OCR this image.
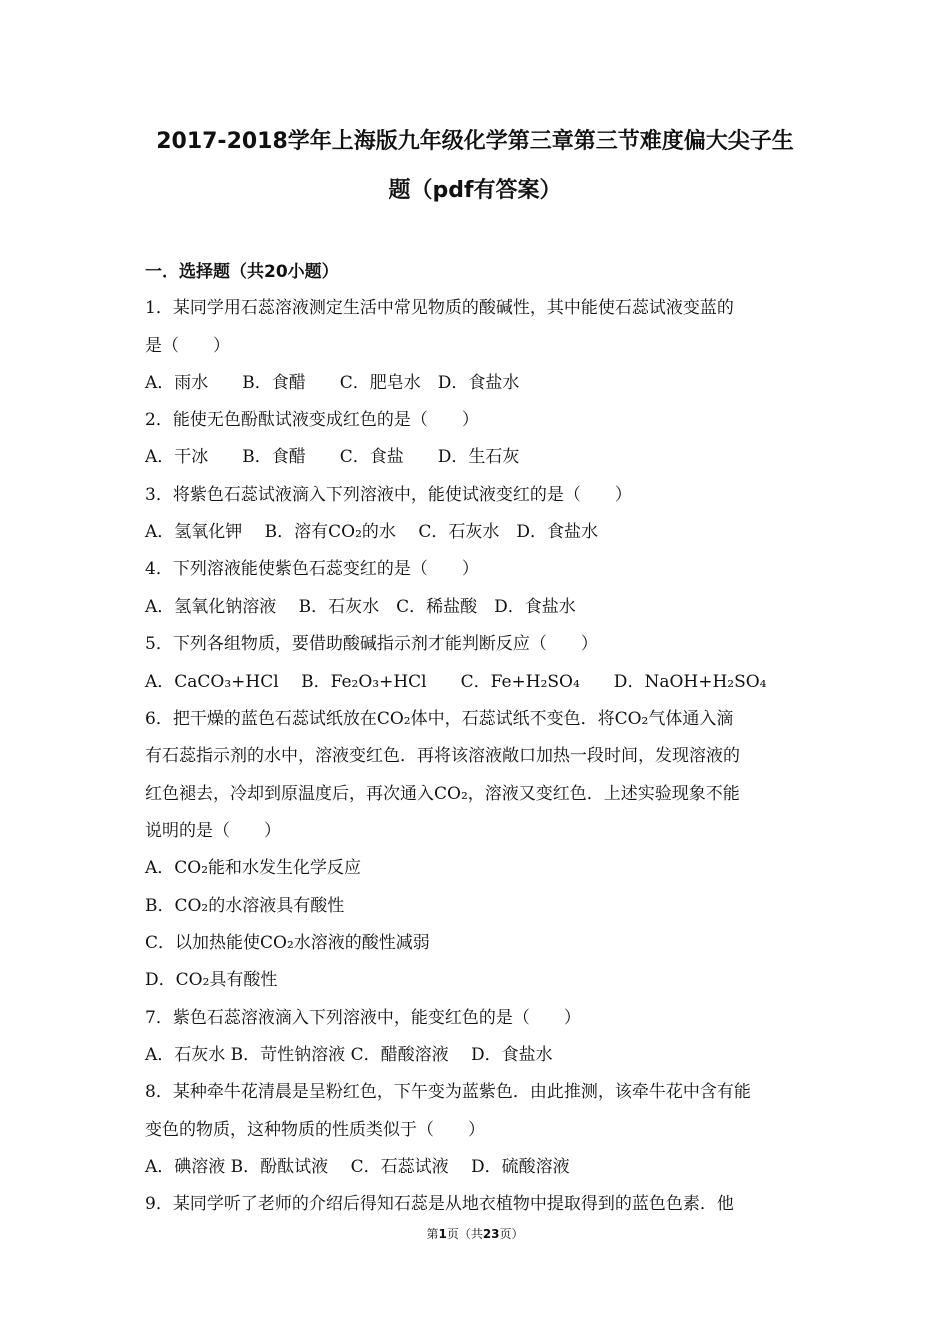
2017-2018学年上海版九年级化学第三章第三节难度偏大尖子生
题（pdf有答案）
一．选择题（共20小题）
1．某同学用石蕊溶液测定生活中常见物质的酸碱性，其中能使石蕊试液变蓝的
是（　　）
A．雨水　　B．食醋　　C．肥皂水　D．食盐水
2．能使无色酚酞试液变成红色的是（　　）
A．干冰　　B．食醋　　C．食盐　　D．生石灰
3．将紫色石蕊试液滴入下列溶液中，能使试液变红的是（　　）
A．氢氧化钾　 B．溶有CO₂的水　 C．石灰水　D．食盐水
4．下列溶液能使紫色石蕊变红的是（　　）
A．氢氧化钠溶液　 B．石灰水　C．稀盐酸　D．食盐水
5．下列各组物质，要借助酸碱指示剂才能判断反应（　　）
A．CaCO₃+HCl　 B．Fe₂O₃+HCl　　C．Fe+H₂SO₄　　D．NaOH+H₂SO₄
6．把干燥的蓝色石蕊试纸放在CO₂体中，石蕊试纸不变色．将CO₂气体通入滴
有石蕊指示剂的水中，溶液变红色．再将该溶液敞口加热一段时间，发现溶液的
红色褪去，冷却到原温度后，再次通入CO₂，溶液又变红色．上述实验现象不能
说明的是（　　）
A．CO₂能和水发生化学反应
B．CO₂的水溶液具有酸性
C．以加热能使CO₂水溶液的酸性减弱
D．CO₂具有酸性
7．紫色石蕊溶液滴入下列溶液中，能变红色的是（　　）
A．石灰水 B．苛性钠溶液 C．醋酸溶液　 D．食盐水
8．某种牵牛花清晨是呈粉红色，下午变为蓝紫色．由此推测，该牵牛花中含有能
变色的物质，这种物质的性质类似于（　　）
A．碘溶液 B．酚酞试液　 C．石蕊试液　 D．硫酸溶液
9．某同学听了老师的介绍后得知石蕊是从地衣植物中提取得到的蓝色色素．他
第1页（共23页）
